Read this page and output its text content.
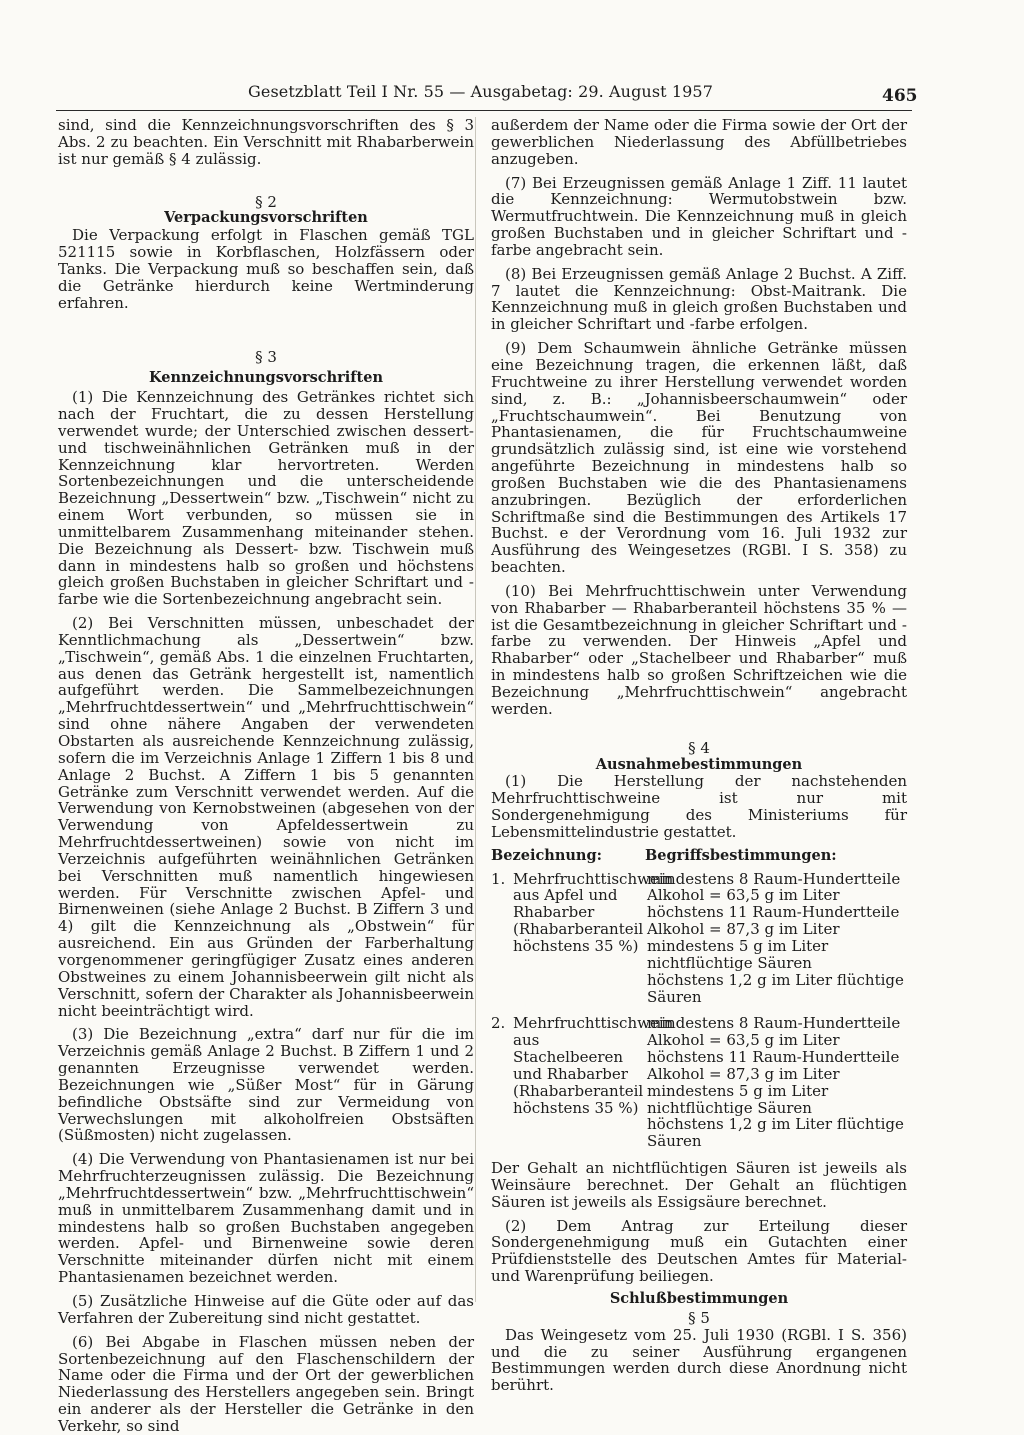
Gesetzblatt Teil I Nr. 55 — Ausgabetag: 29. August 1957	465

sind, sind die Kennzeichnungsvorschriften des § 3 Abs. 2 zu beachten. Ein Verschnitt mit Rhabarberwein ist nur gemäß § 4 zulässig.

§ 2
Verpackungsvorschriften

Die Verpackung erfolgt in Flaschen gemäß TGL 521115 sowie in Korbflaschen, Holzfässern oder Tanks. Die Verpackung muß so beschaffen sein, daß die Getränke hierdurch keine Wertminderung erfahren.

§ 3
Kennzeichnungsvorschriften

(1) Die Kennzeichnung des Getränkes richtet sich nach der Fruchtart, die zu dessen Herstellung verwendet wurde; der Unterschied zwischen dessert- und tischweinähnlichen Getränken muß in der Kennzeichnung klar hervortreten. Werden Sortenbezeichnungen und die unterscheidende Bezeichnung „Dessertwein“ bzw. „Tischwein“ nicht zu einem Wort verbunden, so müssen sie in unmittelbarem Zusammenhang miteinander stehen. Die Bezeichnung als Dessert- bzw. Tischwein muß dann in mindestens halb so großen und höchstens gleich großen Buchstaben in gleicher Schriftart und -farbe wie die Sortenbezeichnung angebracht sein.

(2) Bei Verschnitten müssen, unbeschadet der Kenntlichmachung als „Dessertwein“ bzw. „Tischwein“, gemäß Abs. 1 die einzelnen Fruchtarten, aus denen das Getränk hergestellt ist, namentlich aufgeführt werden. Die Sammelbezeichnungen „Mehrfruchtdessertwein“ und „Mehrfruchttischwein“ sind ohne nähere Angaben der verwendeten Obstarten als ausreichende Kennzeichnung zulässig, sofern die im Verzeichnis Anlage 1 Ziffern 1 bis 8 und Anlage 2 Buchst. A Ziffern 1 bis 5 genannten Getränke zum Verschnitt verwendet werden. Auf die Verwendung von Kernobstweinen (abgesehen von der Verwendung von Apfeldessertwein zu Mehrfruchtdessertweinen) sowie von nicht im Verzeichnis aufgeführten weinähnlichen Getränken bei Verschnitten muß namentlich hingewiesen werden. Für Verschnitte zwischen Apfel- und Birnenweinen (siehe Anlage 2 Buchst. B Ziffern 3 und 4) gilt die Kennzeichnung als „Obstwein“ für ausreichend. Ein aus Gründen der Farberhaltung vorgenommener geringfügiger Zusatz eines anderen Obstweines zu einem Johannisbeerwein gilt nicht als Verschnitt, sofern der Charakter als Johannisbeerwein nicht beeinträchtigt wird.

(3) Die Bezeichnung „extra“ darf nur für die im Verzeichnis gemäß Anlage 2 Buchst. B Ziffern 1 und 2 genannten Erzeugnisse verwendet werden. Bezeichnungen wie „Süßer Most“ für in Gärung befindliche Obstsäfte sind zur Vermeidung von Verwechslungen mit alkoholfreien Obstsäften (Süßmosten) nicht zugelassen.

(4) Die Verwendung von Phantasienamen ist nur bei Mehrfruchterzeugnissen zulässig. Die Bezeichnung „Mehrfruchtdessertwein“ bzw. „Mehrfruchttischwein“ muß in unmittelbarem Zusammenhang damit und in mindestens halb so großen Buchstaben angegeben werden. Apfel- und Birnenweine sowie deren Verschnitte miteinander dürfen nicht mit einem Phantasienamen bezeichnet werden.

(5) Zusätzliche Hinweise auf die Güte oder auf das Verfahren der Zubereitung sind nicht gestattet.

(6) Bei Abgabe in Flaschen müssen neben der Sortenbezeichnung auf den Flaschenschildern der Name oder die Firma und der Ort der gewerblichen Niederlassung des Herstellers angegeben sein. Bringt ein anderer als der Hersteller die Getränke in den Verkehr, so sind

außerdem der Name oder die Firma sowie der Ort der gewerblichen Niederlassung des Abfüllbetriebes anzugeben.

(7) Bei Erzeugnissen gemäß Anlage 1 Ziff. 11 lautet die Kennzeichnung: Wermutobstwein bzw. Wermutfruchtwein. Die Kennzeichnung muß in gleich großen Buchstaben und in gleicher Schriftart und -farbe angebracht sein.

(8) Bei Erzeugnissen gemäß Anlage 2 Buchst. A Ziff. 7 lautet die Kennzeichnung: Obst-Maitrank. Die Kennzeichnung muß in gleich großen Buchstaben und in gleicher Schriftart und -farbe erfolgen.

(9) Dem Schaumwein ähnliche Getränke müssen eine Bezeichnung tragen, die erkennen läßt, daß Fruchtweine zu ihrer Herstellung verwendet worden sind, z. B.: „Johannisbeerschaumwein“ oder „Fruchtschaumwein“. Bei Benutzung von Phantasienamen, die für Fruchtschaumweine grundsätzlich zulässig sind, ist eine wie vorstehend angeführte Bezeichnung in mindestens halb so großen Buchstaben wie die des Phantasienamens anzubringen. Bezüglich der erforderlichen Schriftmaße sind die Bestimmungen des Artikels 17 Buchst. e der Verordnung vom 16. Juli 1932 zur Ausführung des Weingesetzes (RGBl. I S. 358) zu beachten.

(10) Bei Mehrfruchttischwein unter Verwendung von Rhabarber — Rhabarberanteil höchstens 35 % — ist die Gesamtbezeichnung in gleicher Schriftart und -farbe zu verwenden. Der Hinweis „Apfel und Rhabarber“ oder „Stachelbeer und Rhabarber“ muß in mindestens halb so großen Schriftzeichen wie die Bezeichnung „Mehrfruchttischwein“ angebracht werden.

§ 4
Ausnahmebestimmungen

(1) Die Herstellung der nachstehenden Mehrfruchttischweine ist nur mit Sondergenehmigung des Ministeriums für Lebensmittelindustrie gestattet.

Bezeichnung:	Begriffsbestimmungen:
1. Mehrfruchttischwein aus Apfel und Rhabarber (Rhabarberanteil höchstens 35 %)
mindestens 8 Raum-Hundertteile
Alkohol = 63,5 g im Liter
höchstens 11 Raum-Hundertteile
Alkohol = 87,3 g im Liter
mindestens 5 g im Liter nichtflüchtige Säuren
höchstens 1,2 g im Liter flüchtige Säuren
2. Mehrfruchttischwein aus Stachelbeeren und Rhabarber (Rhabarberanteil höchstens 35 %)
mindestens 8 Raum-Hundertteile
Alkohol = 63,5 g im Liter
höchstens 11 Raum-Hundertteile
Alkohol = 87,3 g im Liter
mindestens 5 g im Liter nichtflüchtige Säuren
höchstens 1,2 g im Liter flüchtige Säuren

Der Gehalt an nichtflüchtigen Säuren ist jeweils als Weinsäure berechnet. Der Gehalt an flüchtigen Säuren ist jeweils als Essigsäure berechnet.

(2) Dem Antrag zur Erteilung dieser Sondergenehmigung muß ein Gutachten einer Prüfdienststelle des Deutschen Amtes für Material- und Warenprüfung beiliegen.

Schlußbestimmungen
§ 5

Das Weingesetz vom 25. Juli 1930 (RGBl. I S. 356) und die zu seiner Ausführung ergangenen Bestimmungen werden durch diese Anordnung nicht berührt.
